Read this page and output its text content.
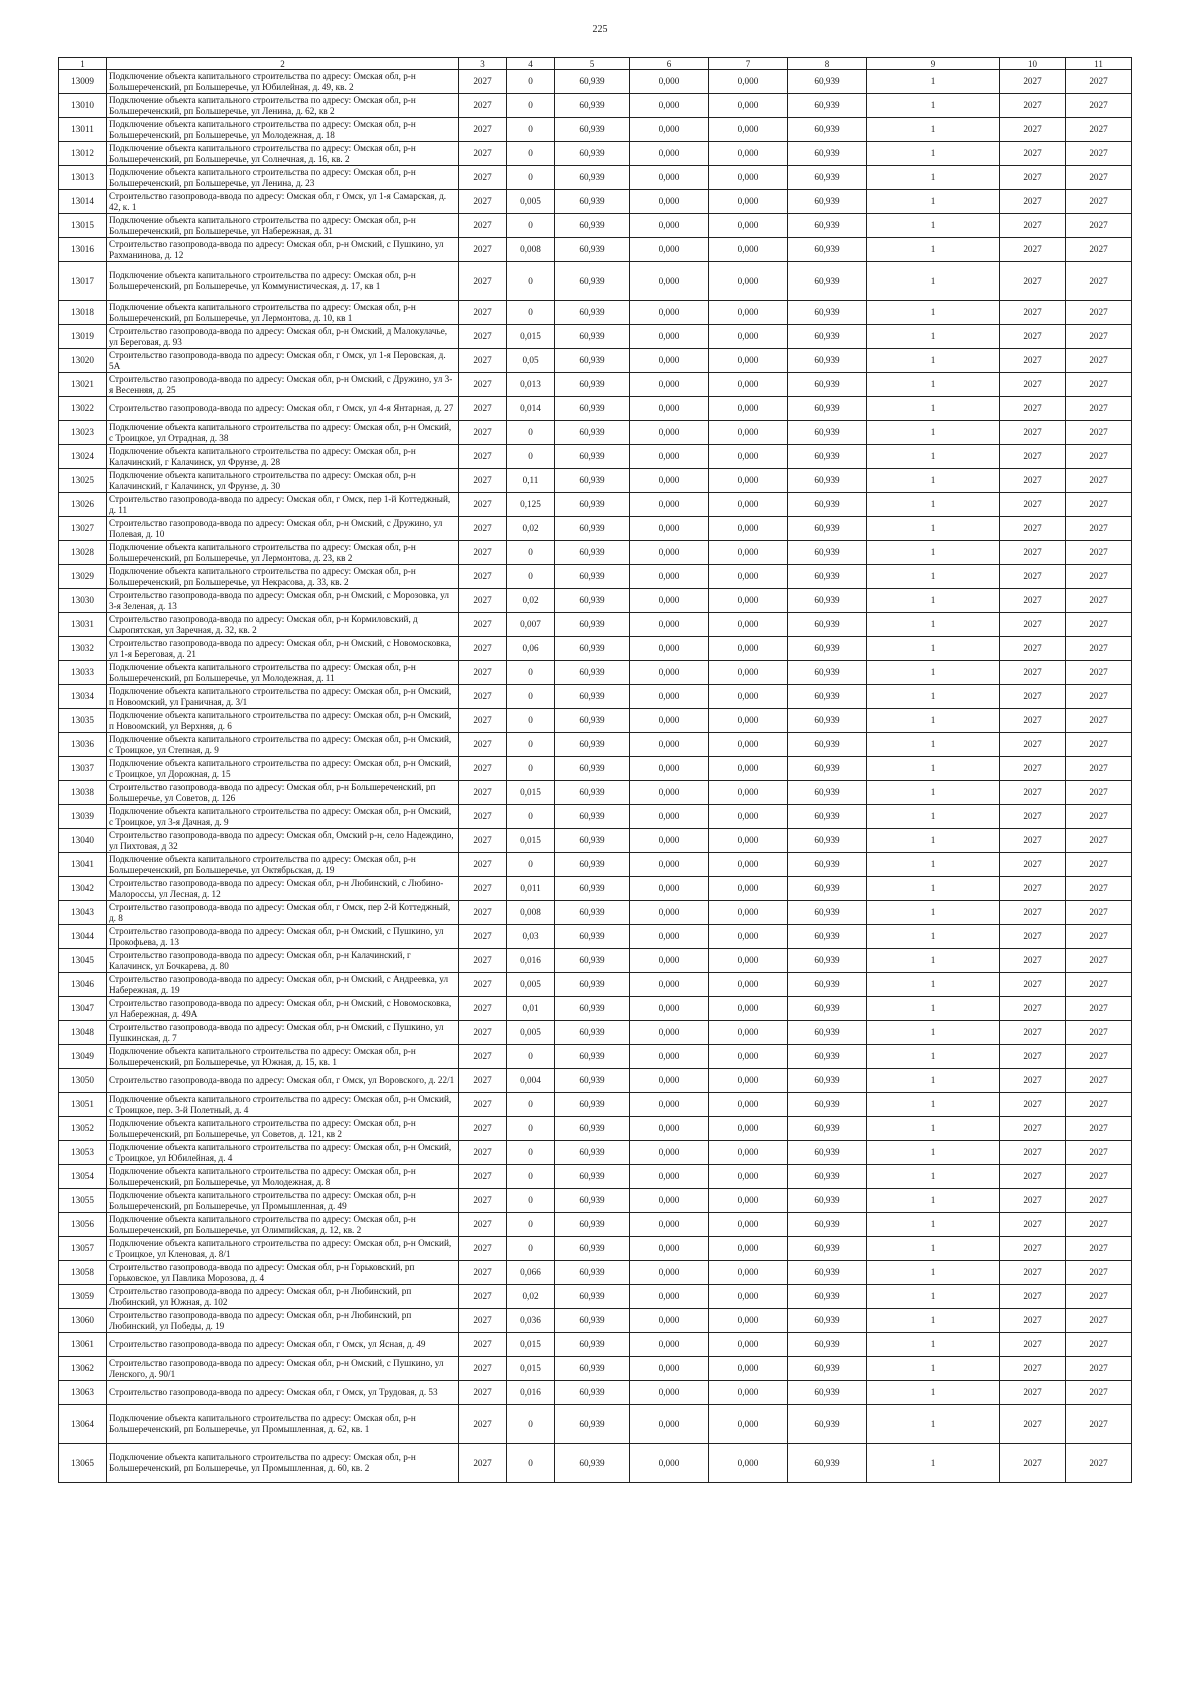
225
1	2	3	4	5	6	7	8	9	10	11
13009	Подключение объекта капитального строительства по адресу: Омская обл, р-н Большереченский, рп Большеречье, ул Юбилейная, д. 49, кв. 2	2027	0	60,939	0,000	0,000	60,939	1	2027	2027
13010	Подключение объекта капитального строительства по адресу: Омская обл, р-н Большереченский, рп Большеречье, ул Ленина, д. 62, кв 2	2027	0	60,939	0,000	0,000	60,939	1	2027	2027
13011	Подключение объекта капитального строительства по адресу: Омская обл, р-н Большереченский, рп Большеречье, ул Молодежная, д. 18	2027	0	60,939	0,000	0,000	60,939	1	2027	2027
13012	Подключение объекта капитального строительства по адресу: Омская обл, р-н Большереченский, рп Большеречье, ул Солнечная, д. 16, кв. 2	2027	0	60,939	0,000	0,000	60,939	1	2027	2027
13013	Подключение объекта капитального строительства по адресу: Омская обл, р-н Большереченский, рп Большеречье, ул Ленина, д. 23	2027	0	60,939	0,000	0,000	60,939	1	2027	2027
13014	Строительство газопровода-ввода по адресу: Омская обл, г Омск, ул 1-я Самарская, д. 42, к. 1	2027	0,005	60,939	0,000	0,000	60,939	1	2027	2027
13015	Подключение объекта капитального строительства по адресу: Омская обл, р-н Большереченский, рп Большеречье, ул Набережная, д. 31	2027	0	60,939	0,000	0,000	60,939	1	2027	2027
13016	Строительство газопровода-ввода по адресу: Омская обл, р-н Омский, с Пушкино, ул Рахманинова, д. 12	2027	0,008	60,939	0,000	0,000	60,939	1	2027	2027
13017	Подключение объекта капитального строительства по адресу: Омская обл, р-н Большереченский, рп Большеречье, ул Коммунистическая, д. 17, кв 1	2027	0	60,939	0,000	0,000	60,939	1	2027	2027
13018	Подключение объекта капитального строительства по адресу: Омская обл, р-н Большереченский, рп Большеречье, ул Лермонтова, д. 10, кв 1	2027	0	60,939	0,000	0,000	60,939	1	2027	2027
13019	Строительство газопровода-ввода по адресу: Омская обл, р-н Омский, д Малокулачье, ул Береговая, д. 93	2027	0,015	60,939	0,000	0,000	60,939	1	2027	2027
13020	Строительство газопровода-ввода по адресу: Омская обл, г Омск, ул 1-я Перовская, д. 5А	2027	0,05	60,939	0,000	0,000	60,939	1	2027	2027
13021	Строительство газопровода-ввода по адресу: Омская обл, р-н Омский, с Дружино, ул 3-я Весенняя, д. 25	2027	0,013	60,939	0,000	0,000	60,939	1	2027	2027
13022	Строительство газопровода-ввода по адресу: Омская обл, г Омск, ул 4-я Янтарная, д. 27	2027	0,014	60,939	0,000	0,000	60,939	1	2027	2027
13023	Подключение объекта капитального строительства по адресу: Омская обл, р-н Омский, с Троицкое, ул Отрадная, д. 38	2027	0	60,939	0,000	0,000	60,939	1	2027	2027
13024	Подключение объекта капитального строительства по адресу: Омская обл, р-н Калачинский, г Калачинск, ул Фрунзе, д. 28	2027	0	60,939	0,000	0,000	60,939	1	2027	2027
13025	Подключение объекта капитального строительства по адресу: Омская обл, р-н Калачинский, г Калачинск, ул Фрунзе, д. 30	2027	0,11	60,939	0,000	0,000	60,939	1	2027	2027
13026	Строительство газопровода-ввода по адресу: Омская обл, г Омск, пер 1-й Коттеджный, д. 11	2027	0,125	60,939	0,000	0,000	60,939	1	2027	2027
13027	Строительство газопровода-ввода по адресу: Омская обл, р-н Омский, с Дружино, ул Полевая, д. 10	2027	0,02	60,939	0,000	0,000	60,939	1	2027	2027
13028	Подключение объекта капитального строительства по адресу: Омская обл, р-н Большереченский, рп Большеречье, ул Лермонтова, д. 23, кв 2	2027	0	60,939	0,000	0,000	60,939	1	2027	2027
13029	Подключение объекта капитального строительства по адресу: Омская обл, р-н Большереченский, рп Большеречье, ул Некрасова, д. 33, кв. 2	2027	0	60,939	0,000	0,000	60,939	1	2027	2027
13030	Строительство газопровода-ввода по адресу: Омская обл, р-н Омский, с Морозовка, ул 3-я Зеленая, д. 13	2027	0,02	60,939	0,000	0,000	60,939	1	2027	2027
13031	Строительство газопровода-ввода по адресу: Омская обл, р-н Кормиловский, д Сыропятская, ул Заречная, д. 32, кв. 2	2027	0,007	60,939	0,000	0,000	60,939	1	2027	2027
13032	Строительство газопровода-ввода по адресу: Омская обл, р-н Омский, с Новомосковка, ул 1-я Береговая, д. 21	2027	0,06	60,939	0,000	0,000	60,939	1	2027	2027
13033	Подключение объекта капитального строительства по адресу: Омская обл, р-н Большереченский, рп Большеречье, ул Молодежная, д. 11	2027	0	60,939	0,000	0,000	60,939	1	2027	2027
13034	Подключение объекта капитального строительства по адресу: Омская обл, р-н Омский, п Новоомский, ул Граничная, д. 3/1	2027	0	60,939	0,000	0,000	60,939	1	2027	2027
13035	Подключение объекта капитального строительства по адресу: Омская обл, р-н Омский, п Новоомский, ул Верхняя, д. 6	2027	0	60,939	0,000	0,000	60,939	1	2027	2027
13036	Подключение объекта капитального строительства по адресу: Омская обл, р-н Омский, с Троицкое, ул Степная, д. 9	2027	0	60,939	0,000	0,000	60,939	1	2027	2027
13037	Подключение объекта капитального строительства по адресу: Омская обл, р-н Омский, с Троицкое, ул Дорожная, д. 15	2027	0	60,939	0,000	0,000	60,939	1	2027	2027
13038	Строительство газопровода-ввода по адресу: Омская обл, р-н Большереченский, рп Большеречье, ул Советов, д. 126	2027	0,015	60,939	0,000	0,000	60,939	1	2027	2027
13039	Подключение объекта капитального строительства по адресу: Омская обл, р-н Омский, с Троицкое, ул 3-я Дачная, д. 9	2027	0	60,939	0,000	0,000	60,939	1	2027	2027
13040	Строительство газопровода-ввода по адресу: Омская обл, Омский р-н, село Надеждино, ул Пихтовая, д 32	2027	0,015	60,939	0,000	0,000	60,939	1	2027	2027
13041	Подключение объекта капитального строительства по адресу: Омская обл, р-н Большереченский, рп Большеречье, ул Октябрьская, д. 19	2027	0	60,939	0,000	0,000	60,939	1	2027	2027
13042	Строительство газопровода-ввода по адресу: Омская обл, р-н Любинский, с Любино-Малороссы, ул Лесная, д. 12	2027	0,011	60,939	0,000	0,000	60,939	1	2027	2027
13043	Строительство газопровода-ввода по адресу: Омская обл, г Омск, пер 2-й Коттеджный, д. 8	2027	0,008	60,939	0,000	0,000	60,939	1	2027	2027
13044	Строительство газопровода-ввода по адресу: Омская обл, р-н Омский, с Пушкино, ул Прокофьева, д. 13	2027	0,03	60,939	0,000	0,000	60,939	1	2027	2027
13045	Строительство газопровода-ввода по адресу: Омская обл, р-н Калачинский, г Калачинск, ул Бочкарева, д. 80	2027	0,016	60,939	0,000	0,000	60,939	1	2027	2027
13046	Строительство газопровода-ввода по адресу: Омская обл, р-н Омский, с Андреевка, ул Набережная, д. 19	2027	0,005	60,939	0,000	0,000	60,939	1	2027	2027
13047	Строительство газопровода-ввода по адресу: Омская обл, р-н Омский, с Новомосковка, ул Набережная, д. 49А	2027	0,01	60,939	0,000	0,000	60,939	1	2027	2027
13048	Строительство газопровода-ввода по адресу: Омская обл, р-н Омский, с Пушкино, ул Пушкинская, д. 7	2027	0,005	60,939	0,000	0,000	60,939	1	2027	2027
13049	Подключение объекта капитального строительства по адресу: Омская обл, р-н Большереченский, рп Большеречье, ул Южная, д. 15, кв. 1	2027	0	60,939	0,000	0,000	60,939	1	2027	2027
13050	Строительство газопровода-ввода по адресу: Омская обл, г Омск, ул Воровского, д. 22/1	2027	0,004	60,939	0,000	0,000	60,939	1	2027	2027
13051	Подключение объекта капитального строительства по адресу: Омская обл, р-н Омский, с Троицкое, пер. 3-й Полетный, д. 4	2027	0	60,939	0,000	0,000	60,939	1	2027	2027
13052	Подключение объекта капитального строительства по адресу: Омская обл, р-н Большереченский, рп Большеречье, ул Советов, д. 121, кв 2	2027	0	60,939	0,000	0,000	60,939	1	2027	2027
13053	Подключение объекта капитального строительства по адресу: Омская обл, р-н Омский, с Троицкое, ул Юбилейная, д. 4	2027	0	60,939	0,000	0,000	60,939	1	2027	2027
13054	Подключение объекта капитального строительства по адресу: Омская обл, р-н Большереченский, рп Большеречье, ул Молодежная, д. 8	2027	0	60,939	0,000	0,000	60,939	1	2027	2027
13055	Подключение объекта капитального строительства по адресу: Омская обл, р-н Большереченский, рп Большеречье, ул Промышленная, д. 49	2027	0	60,939	0,000	0,000	60,939	1	2027	2027
13056	Подключение объекта капитального строительства по адресу: Омская обл, р-н Большереченский, рп Большеречье, ул Олимпийская, д. 12, кв. 2	2027	0	60,939	0,000	0,000	60,939	1	2027	2027
13057	Подключение объекта капитального строительства по адресу: Омская обл, р-н Омский, с Троицкое, ул Кленовая, д. 8/1	2027	0	60,939	0,000	0,000	60,939	1	2027	2027
13058	Строительство газопровода-ввода по адресу: Омская обл, р-н Горьковский, рп Горьковское, ул Павлика Морозова, д. 4	2027	0,066	60,939	0,000	0,000	60,939	1	2027	2027
13059	Строительство газопровода-ввода по адресу: Омская обл, р-н Любинский, рп Любинский, ул Южная, д. 102	2027	0,02	60,939	0,000	0,000	60,939	1	2027	2027
13060	Строительство газопровода-ввода по адресу: Омская обл, р-н Любинский, рп Любинский, ул Победы, д. 19	2027	0,036	60,939	0,000	0,000	60,939	1	2027	2027
13061	Строительство газопровода-ввода по адресу: Омская обл, г Омск, ул Ясная, д. 49	2027	0,015	60,939	0,000	0,000	60,939	1	2027	2027
13062	Строительство газопровода-ввода по адресу: Омская обл, р-н Омский, с Пушкино, ул Ленского, д. 90/1	2027	0,015	60,939	0,000	0,000	60,939	1	2027	2027
13063	Строительство газопровода-ввода по адресу: Омская обл, г Омск, ул Трудовая, д. 53	2027	0,016	60,939	0,000	0,000	60,939	1	2027	2027
13064	Подключение объекта капитального строительства по адресу: Омская обл, р-н Большереченский, рп Большеречье, ул Промышленная, д. 62, кв. 1	2027	0	60,939	0,000	0,000	60,939	1	2027	2027
13065	Подключение объекта капитального строительства по адресу: Омская обл, р-н Большереченский, рп Большеречье, ул Промышленная, д. 60, кв. 2	2027	0	60,939	0,000	0,000	60,939	1	2027	2027
